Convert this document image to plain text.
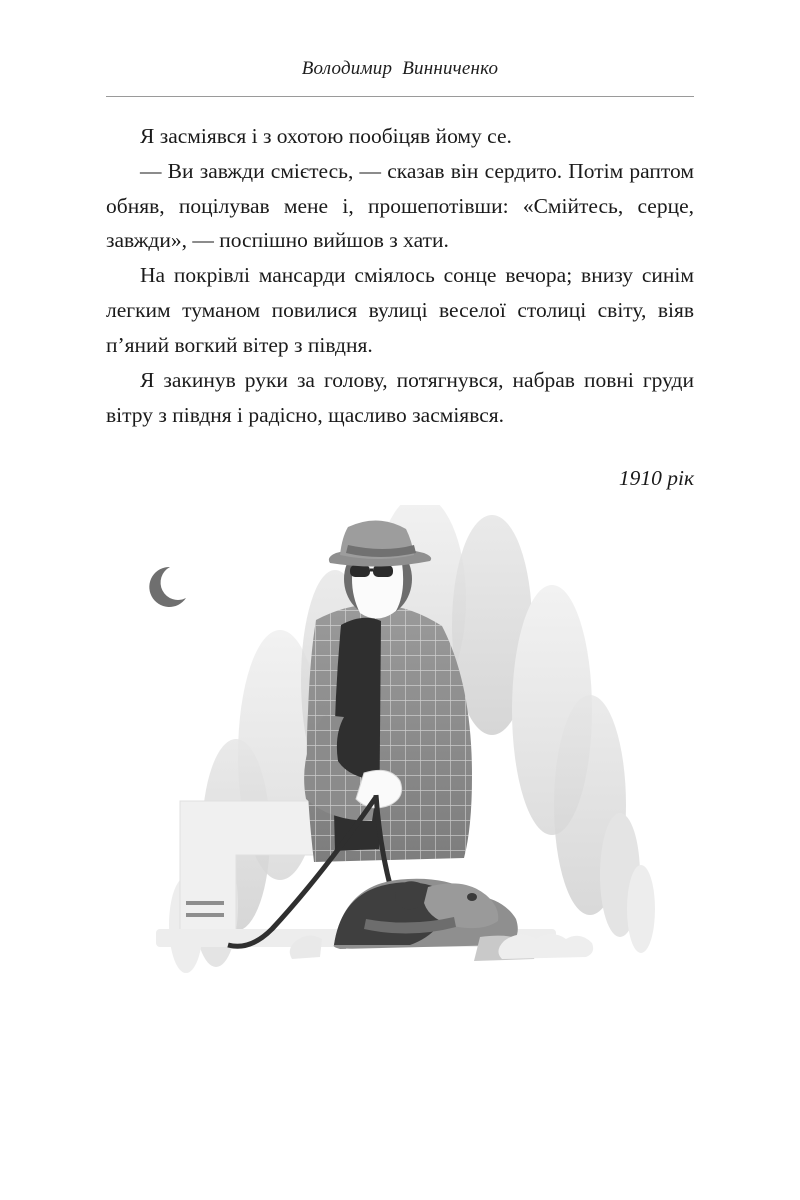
Володимир Винниченко

Я засміявся і з охотою пообіцяв йому се.

— Ви завжди смієтесь, — сказав він сердито. Потім раптом обняв, поцілував мене і, прошепотівши: «Смійтесь, серце, завжди», — поспішно вийшов з хати.

На покрівлі мансарди сміялось сонце вечора; внизу синім легким туманом повилися вулиці веселої столиці світу, віяв п’яний вогкий вітер з півдня.

Я закинув руки за голову, потягнувся, набрав повні груди вітру з півдня і радісно, щасливо засміявся.

1910 рік
